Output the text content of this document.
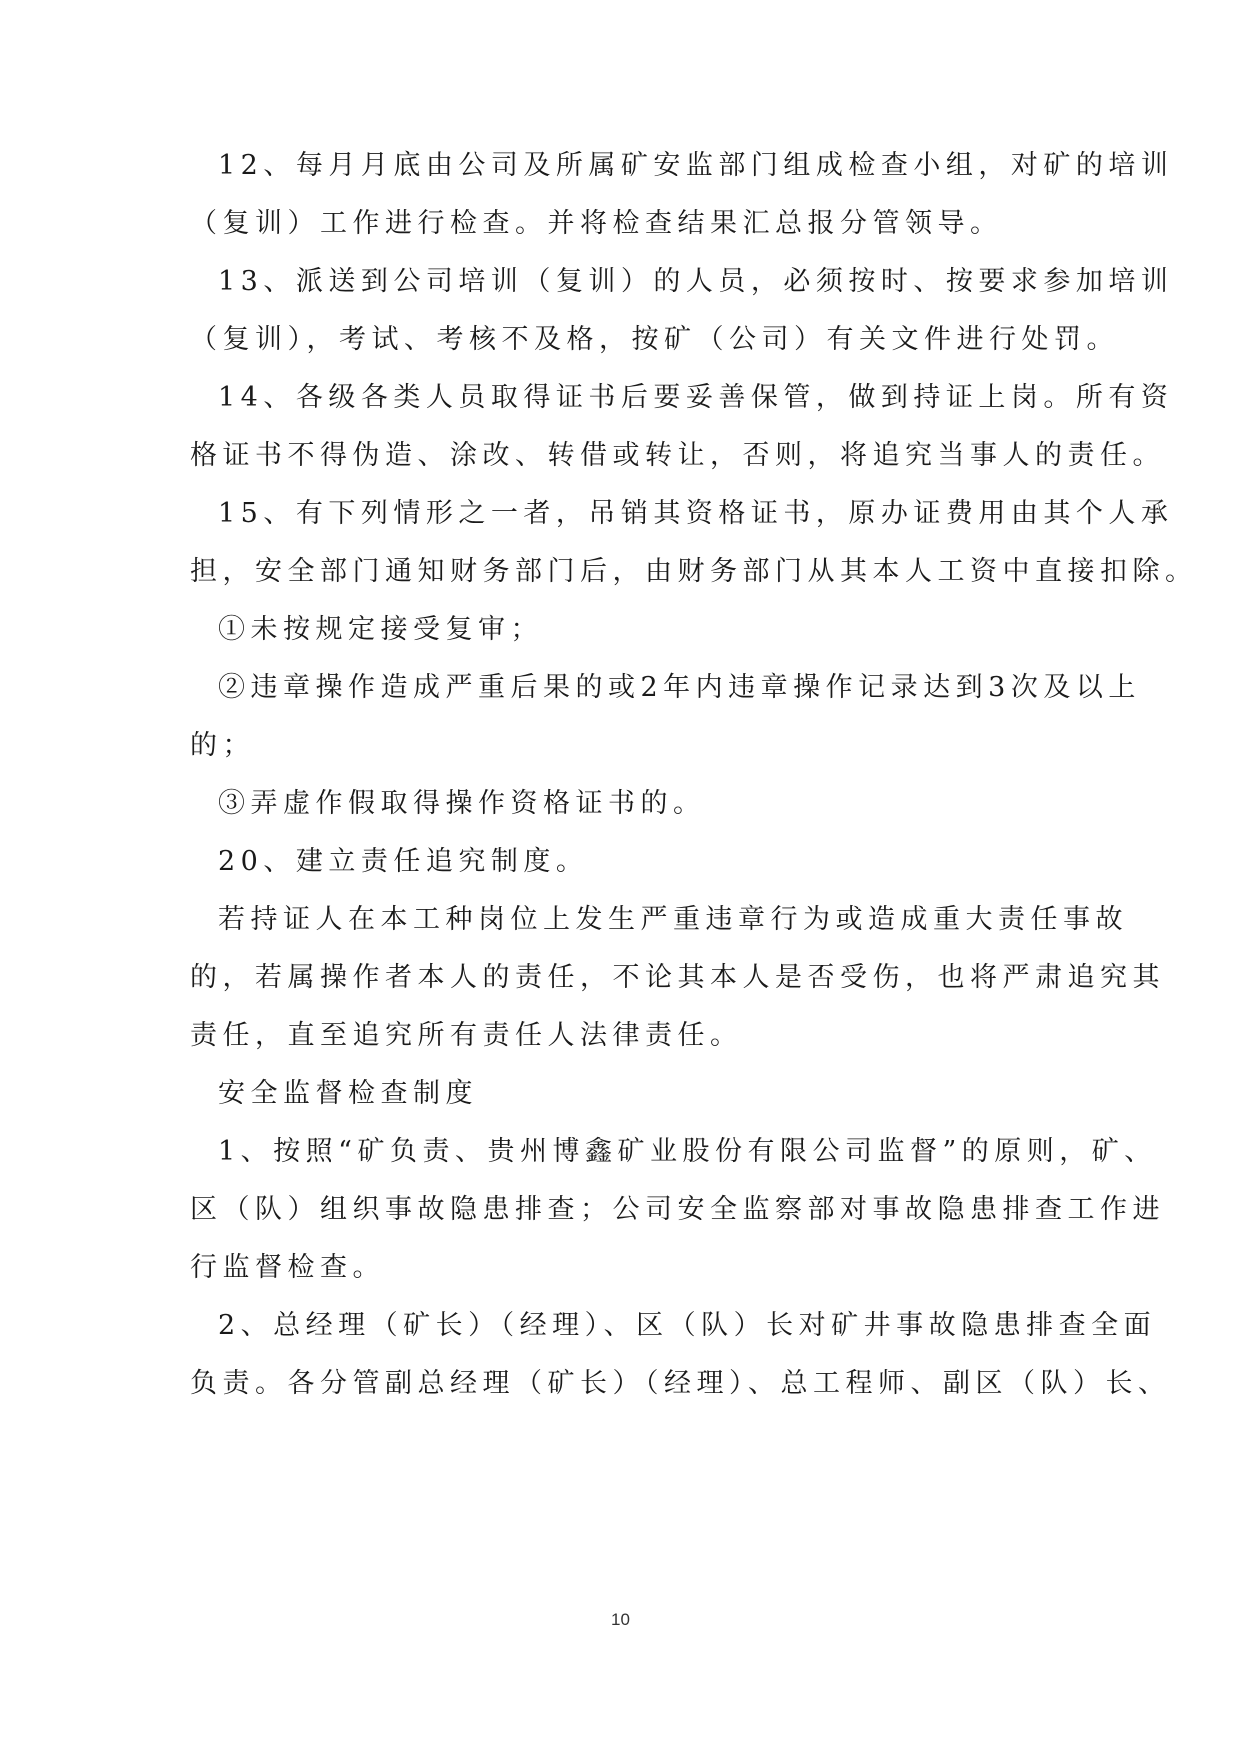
12、每月月底由公司及所属矿安监部门组成检查小组，对矿的培训
（复训）工作进行检查。并将检查结果汇总报分管领导。
13、派送到公司培训（复训）的人员，必须按时、按要求参加培训
（复训），考试、考核不及格，按矿（公司）有关文件进行处罚。
14、各级各类人员取得证书后要妥善保管，做到持证上岗。所有资
格证书不得伪造、涂改、转借或转让，否则，将追究当事人的责任。
15、有下列情形之一者，吊销其资格证书，原办证费用由其个人承
担，安全部门通知财务部门后，由财务部门从其本人工资中直接扣除。
①未按规定接受复审；
②违章操作造成严重后果的或2年内违章操作记录达到3次及以上
的；
③弄虚作假取得操作资格证书的。
20、建立责任追究制度。
若持证人在本工种岗位上发生严重违章行为或造成重大责任事故
的，若属操作者本人的责任，不论其本人是否受伤，也将严肃追究其
责任，直至追究所有责任人法律责任。
安全监督检查制度
1、按照“矿负责、贵州博鑫矿业股份有限公司监督”的原则，矿、
区（队）组织事故隐患排查；公司安全监察部对事故隐患排查工作进
行监督检查。
2、总经理（矿长）（经理）、区（队）长对矿井事故隐患排查全面
负责。各分管副总经理（矿长）（经理）、总工程师、副区（队）长、
10
